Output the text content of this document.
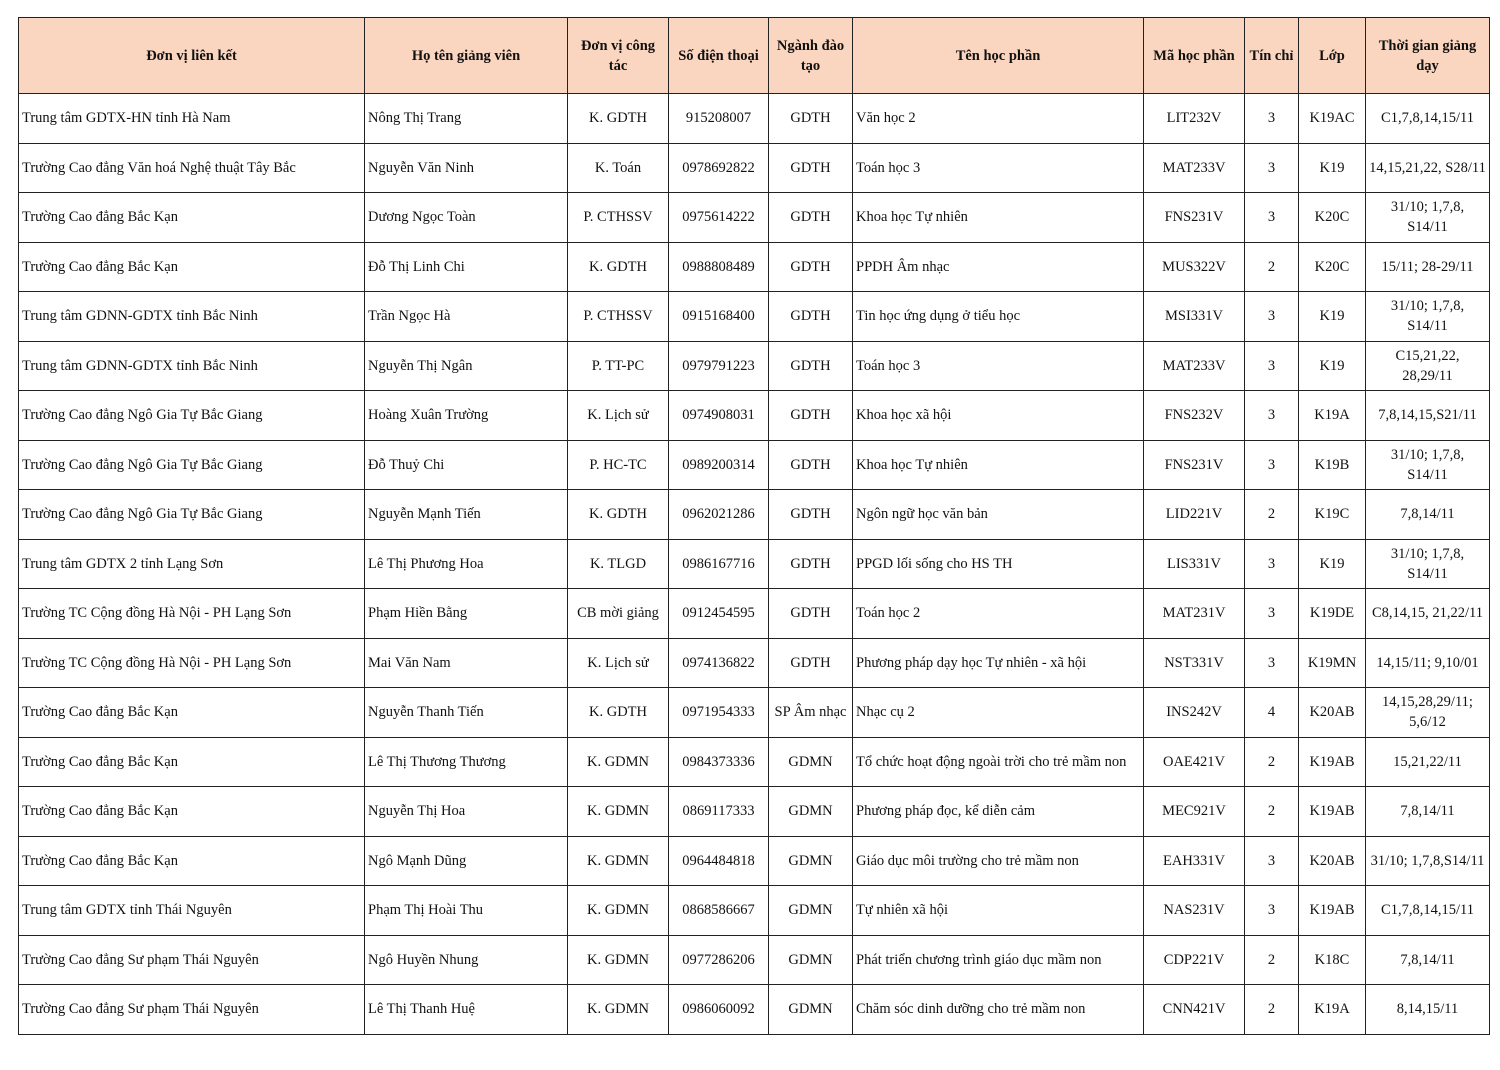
Đơn vị liên kết	Họ tên giảng viên	Đơn vị công tác	Số điện thoại	Ngành đào tạo	Tên học phần	Mã học phần	Tín chỉ	Lớp	Thời gian giảng dạy
Trung tâm GDTX-HN tỉnh Hà Nam	Nông Thị Trang	K. GDTH	915208007	GDTH	Văn học 2	LIT232V	3	K19AC	C1,7,8,14,15/11
Trường Cao đẳng Văn hoá Nghệ thuật Tây Bắc	Nguyễn Văn Ninh	K. Toán	0978692822	GDTH	Toán học 3	MAT233V	3	K19	14,15,21,22, S28/11
Trường Cao đẳng Bắc Kạn	Dương Ngọc Toàn	P. CTHSSV	0975614222	GDTH	Khoa học Tự nhiên	FNS231V	3	K20C	31/10; 1,7,8, S14/11
Trường Cao đẳng Bắc Kạn	Đỗ Thị Linh Chi	K. GDTH	0988808489	GDTH	PPDH Âm nhạc	MUS322V	2	K20C	15/11; 28-29/11
Trung tâm GDNN-GDTX tỉnh Bắc Ninh	Trần Ngọc Hà	P. CTHSSV	0915168400	GDTH	Tin học ứng dụng ở tiểu học	MSI331V	3	K19	31/10; 1,7,8, S14/11
Trung tâm GDNN-GDTX tỉnh Bắc Ninh	Nguyễn Thị Ngân	P. TT-PC	0979791223	GDTH	Toán học 3	MAT233V	3	K19	C15,21,22, 28,29/11
Trường Cao đẳng Ngô Gia Tự Bắc Giang	Hoàng Xuân Trường	K. Lịch sử	0974908031	GDTH	Khoa học xã hội	FNS232V	3	K19A	7,8,14,15,S21/11
Trường Cao đẳng Ngô Gia Tự Bắc Giang	Đỗ Thuỷ Chi	P. HC-TC	0989200314	GDTH	Khoa học Tự nhiên	FNS231V	3	K19B	31/10; 1,7,8, S14/11
Trường Cao đẳng Ngô Gia Tự Bắc Giang	Nguyễn Mạnh Tiến	K. GDTH	0962021286	GDTH	Ngôn ngữ học văn bản	LID221V	2	K19C	7,8,14/11
Trung tâm GDTX 2 tỉnh Lạng Sơn	Lê Thị Phương Hoa	K. TLGD	0986167716	GDTH	PPGD lối sống cho HS TH	LIS331V	3	K19	31/10; 1,7,8, S14/11
Trường TC Cộng đồng Hà Nội - PH Lạng Sơn	Phạm Hiền Bằng	CB mời giảng	0912454595	GDTH	Toán học 2	MAT231V	3	K19DE	C8,14,15, 21,22/11
Trường TC Cộng đồng Hà Nội - PH Lạng Sơn	Mai Văn Nam	K. Lịch sử	0974136822	GDTH	Phương pháp dạy học Tự nhiên - xã hội	NST331V	3	K19MN	14,15/11; 9,10/01
Trường Cao đẳng Bắc Kạn	Nguyễn Thanh Tiến	K. GDTH	0971954333	SP Âm nhạc	Nhạc cụ 2	INS242V	4	K20AB	14,15,28,29/11; 5,6/12
Trường Cao đẳng Bắc Kạn	Lê Thị Thương Thương	K. GDMN	0984373336	GDMN	Tổ chức hoạt động ngoài trời cho trẻ mầm non	OAE421V	2	K19AB	15,21,22/11
Trường Cao đẳng Bắc Kạn	Nguyễn Thị Hoa	K. GDMN	0869117333	GDMN	Phương pháp đọc, kể diễn cảm	MEC921V	2	K19AB	7,8,14/11
Trường Cao đẳng Bắc Kạn	Ngô Mạnh Dũng	K. GDMN	0964484818	GDMN	Giáo dục môi trường cho trẻ mầm non	EAH331V	3	K20AB	31/10; 1,7,8,S14/11
Trung tâm GDTX tỉnh Thái Nguyên	Phạm Thị Hoài Thu	K. GDMN	0868586667	GDMN	Tự nhiên xã hội	NAS231V	3	K19AB	C1,7,8,14,15/11
Trường Cao đẳng Sư phạm Thái Nguyên	Ngô Huyền Nhung	K. GDMN	0977286206	GDMN	Phát triển chương trình giáo dục mầm non	CDP221V	2	K18C	7,8,14/11
Trường Cao đẳng Sư phạm Thái Nguyên	Lê Thị Thanh Huệ	K. GDMN	0986060092	GDMN	Chăm sóc dinh dưỡng cho trẻ mầm non	CNN421V	2	K19A	8,14,15/11
